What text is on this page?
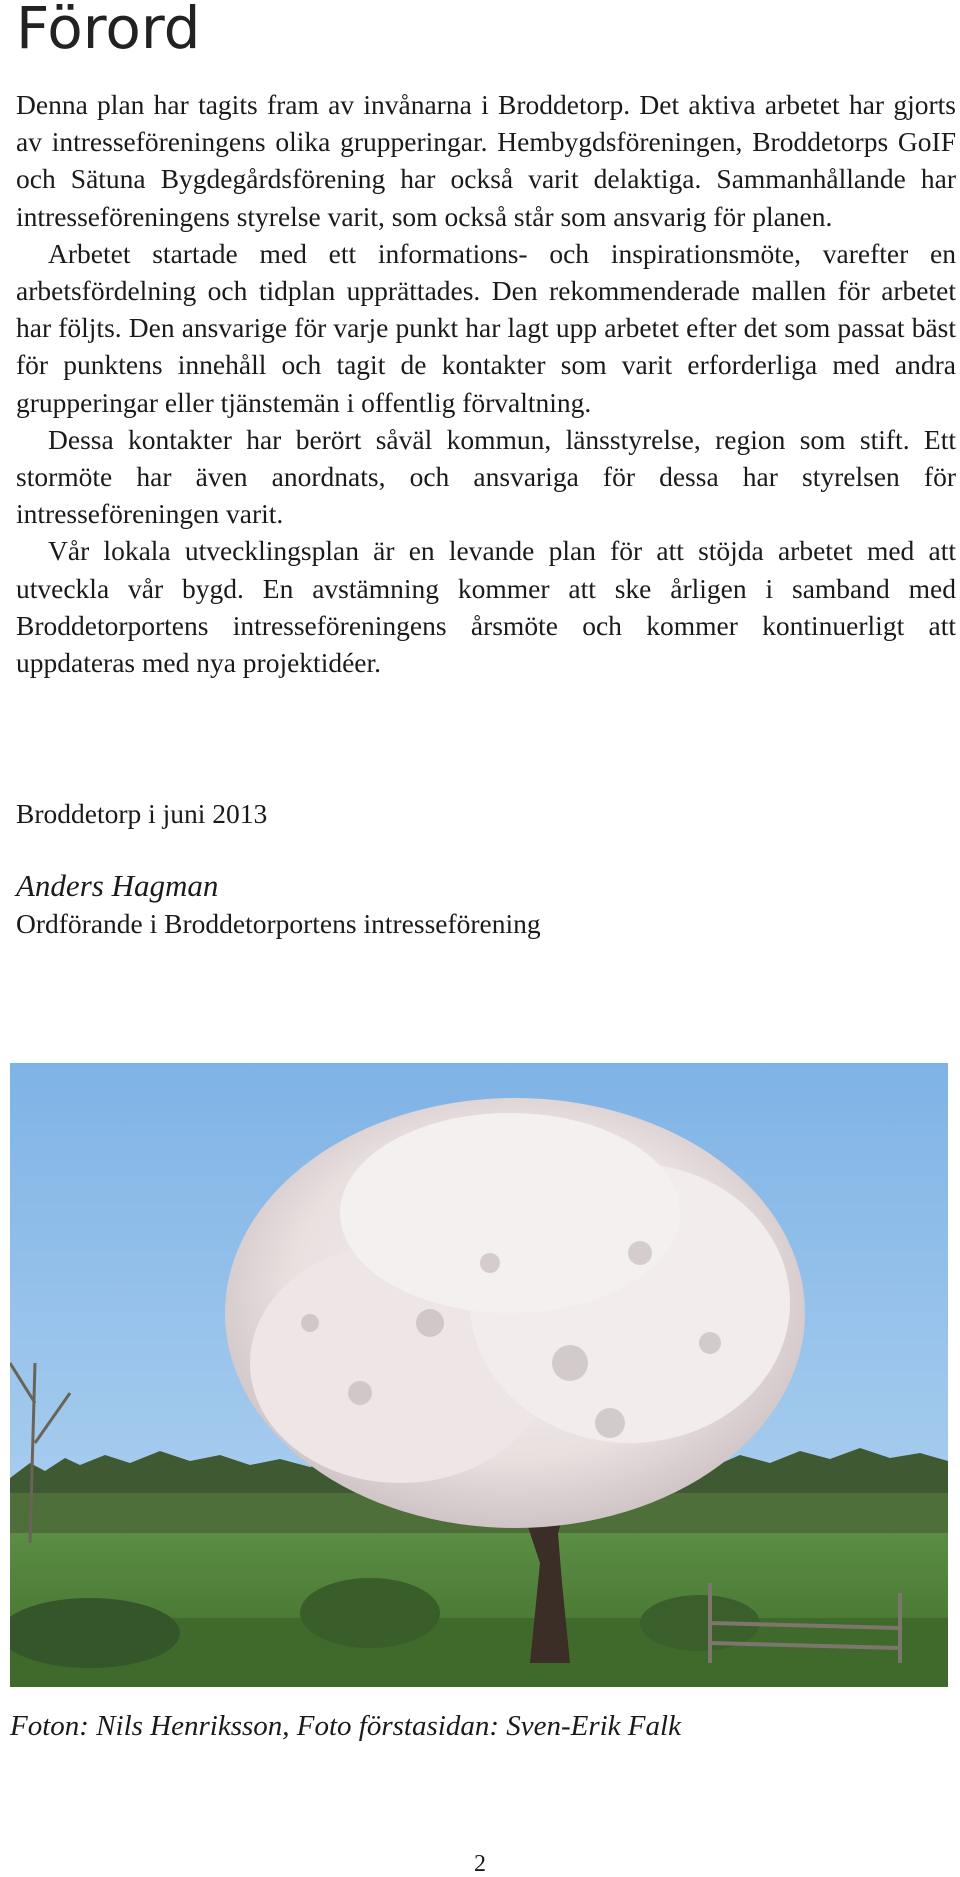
Förord

Denna plan har tagits fram av invånarna i Broddetorp. Det aktiva arbetet har gjorts av intresseföreningens olika grupperingar. Hembygdsföreningen, Broddetorps GoIF och Sätuna Bygdegårdsförening har också varit delaktiga. Sammanhållande har intresseföreningens styrelse varit, som också står som ansvarig för planen.

Arbetet startade med ett informations- och inspirationsmöte, varefter en arbetsfördelning och tidplan upprättades. Den rekommenderade mallen för arbetet har följts. Den ansvarige för varje punkt har lagt upp arbetet efter det som passat bäst för punktens innehåll och tagit de kontakter som varit erforderliga med andra grupperingar eller tjänstemän i offentlig förvaltning.

Dessa kontakter har berört såväl kommun, länsstyrelse, region som stift. Ett stormöte har även anordnats, och ansvariga för dessa har styrelsen för intresseföreningen varit.

Vår lokala utvecklingsplan är en levande plan för att stöjda arbetet med att utveckla vår bygd. En avstämning kommer att ske årligen i samband med Broddetorportens intresseföreningens årsmöte och kommer kontinuerligt att uppdateras med nya projektidéer.

Broddetorp i juni 2013
Anders Hagman
Ordförande i Broddetorportens intresseförening
Foton: Nils Henriksson, Foto förstasidan: Sven-Erik Falk
2
